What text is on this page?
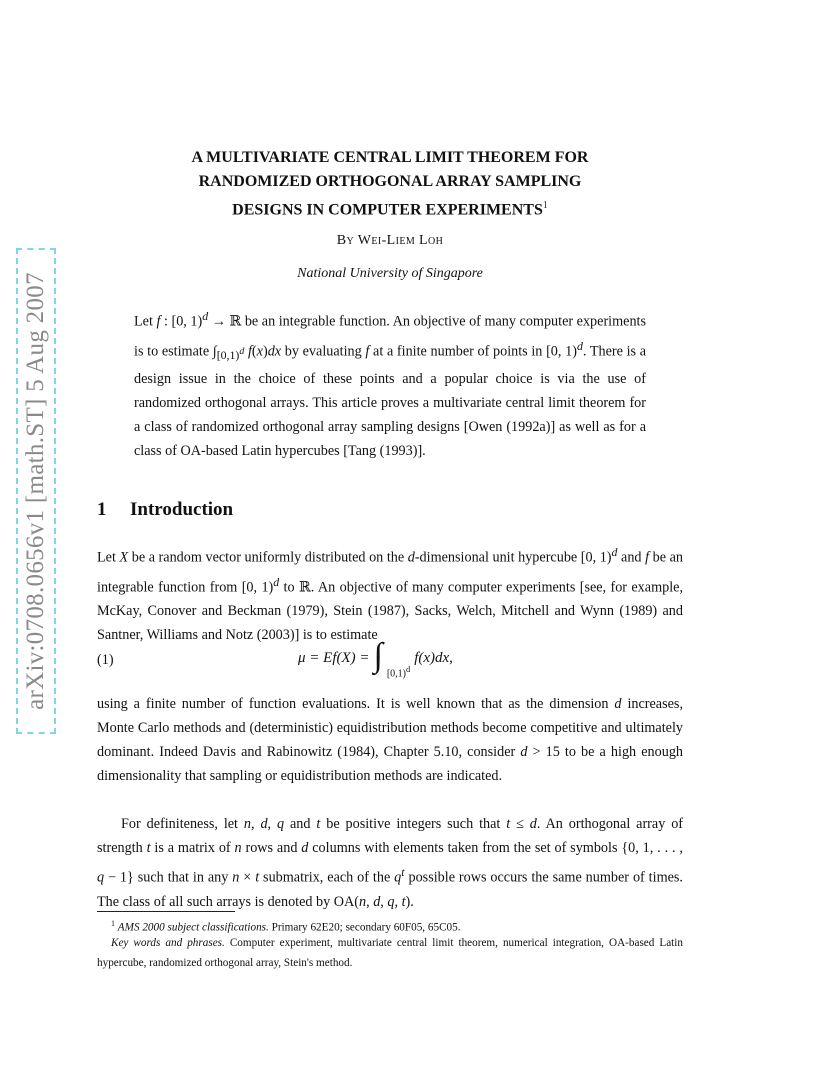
arXiv:0708.0656v1 [math.ST] 5 Aug 2007
A MULTIVARIATE CENTRAL LIMIT THEOREM FOR
RANDOMIZED ORTHOGONAL ARRAY SAMPLING
DESIGNS IN COMPUTER EXPERIMENTS$^1$
By Wei-Liem Loh
National University of Singapore
Let f : [0, 1)$^d$ → ℝ be an integrable function. An objective of many computer experiments is to estimate $\int_{[0,1)^d}$ f(x)dx by evaluating f at a finite number of points in [0, 1)$^d$. There is a design issue in the choice of these points and a popular choice is via the use of randomized orthogonal arrays. This article proves a multivariate central limit theorem for a class of randomized orthogonal array sampling designs [Owen (1992a)] as well as for a class of OA-based Latin hypercubes [Tang (1993)].
1 Introduction

Let X be a random vector uniformly distributed on the d-dimensional unit hypercube [0, 1)$^d$ and f be an integrable function from [0, 1)$^d$ to ℝ. An objective of many computer experiments [see, for example, McKay, Conover and Beckman (1979), Stein (1987), Sacks, Welch, Mitchell and Wynn (1989) and Santner, Williams and Notz (2003)] is to estimate

(1)	μ = Ef(X) = ∫ [0,1)$^d$
f(x)dx,

using a finite number of function evaluations. It is well known that as the dimension d increases, Monte Carlo methods and (deterministic) equidistribution methods become competitive and ultimately dominant. Indeed Davis and Rabinowitz (1984), Chapter 5.10, consider d > 15 to be a high enough dimensionality that sampling or equidistribution methods are indicated.

For definiteness, let n, d, q and t be positive integers such that t ≤ d. An orthogonal array of strength t is a matrix of n rows and d columns with elements taken from the set of symbols {0, 1, . . . , q − 1} such that in any n × t submatrix, each of the $q^t$ possible rows occurs the same number of times. The class of all such arrays is denoted by OA(n, d, q, t).

$^1$ AMS 2000 subject classifications. Primary 62E20; secondary 60F05, 65C05.

Key words and phrases. Computer experiment, multivariate central limit theorem, numerical integration, OA-based Latin hypercube, randomized orthogonal array, Stein's method.
